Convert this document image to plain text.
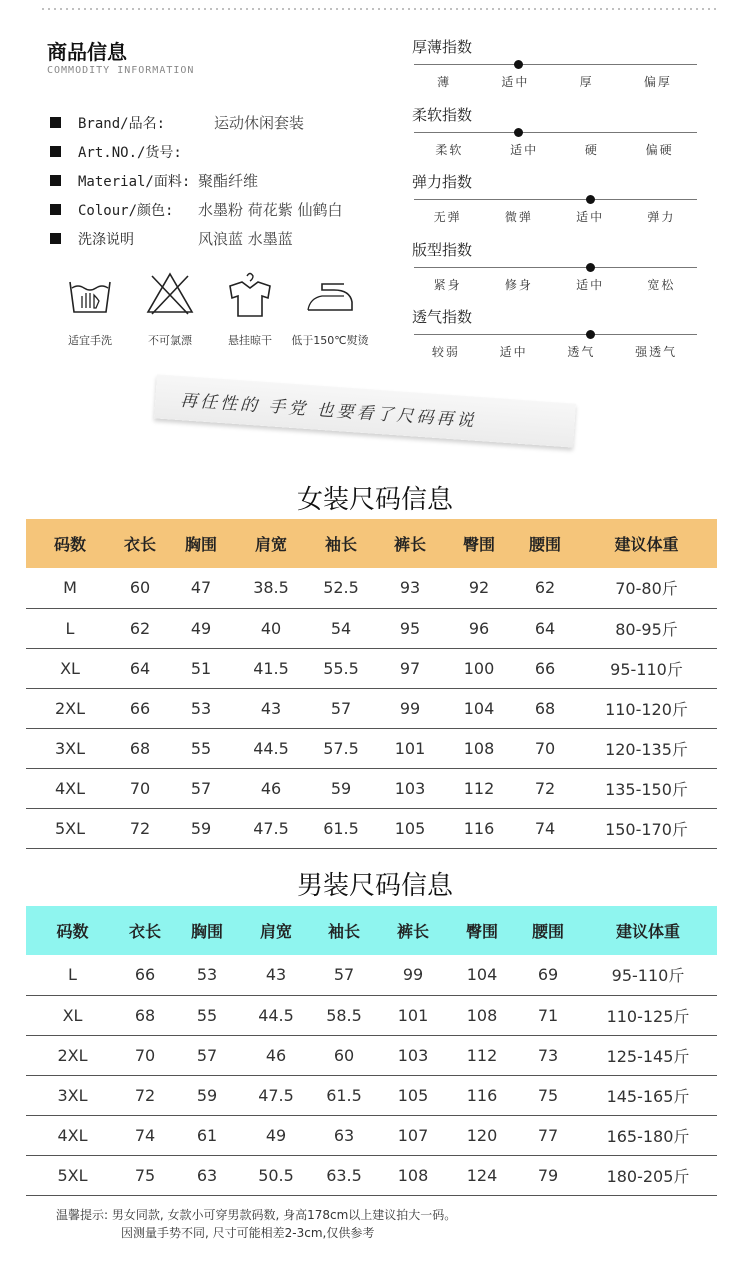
商品信息
COMMODITY INFORMATION
Brand/品名:	运动休闲套装
Art.NO./货号:
Material/面料: 聚酯纤维
Colour/颜色:	水墨粉 荷花紫 仙鹤白
洗涤说明	风浪蓝 水墨蓝
适宜手洗	不可氯漂	悬挂晾干	低于150℃熨烫
厚薄指数
薄	适中	厚	偏厚
柔软指数
柔软	适中	硬	偏硬
弹力指数
无弹	微弹	适中	弹力
版型指数
紧身	修身	适中	宽松
透气指数
较弱	适中	透气	强透气
再任性的 手党 也要看了尺码再说
女装尺码信息
码数	衣长	胸围	肩宽	袖长	裤长	臀围	腰围	建议体重
M	60	47	38.5	52.5	93	92	62	70-80斤
L	62	49	40	54	95	96	64	80-95斤
XL	64	51	41.5	55.5	97	100	66	95-110斤
2XL	66	53	43	57	99	104	68	110-120斤
3XL	68	55	44.5	57.5	101	108	70	120-135斤
4XL	70	57	46	59	103	112	72	135-150斤
5XL	72	59	47.5	61.5	105	116	74	150-170斤
男装尺码信息
码数	衣长	胸围	肩宽	袖长	裤长	臀围	腰围	建议体重
L	66	53	43	57	99	104	69	95-110斤
XL	68	55	44.5	58.5	101	108	71	110-125斤
2XL	70	57	46	60	103	112	73	125-145斤
3XL	72	59	47.5	61.5	105	116	75	145-165斤
4XL	74	61	49	63	107	120	77	165-180斤
5XL	75	63	50.5	63.5	108	124	79	180-205斤
温馨提示: 男女同款, 女款小可穿男款码数, 身高178cm以上建议拍大一码。
因测量手势不同, 尺寸可能相差2-3cm,仅供参考
